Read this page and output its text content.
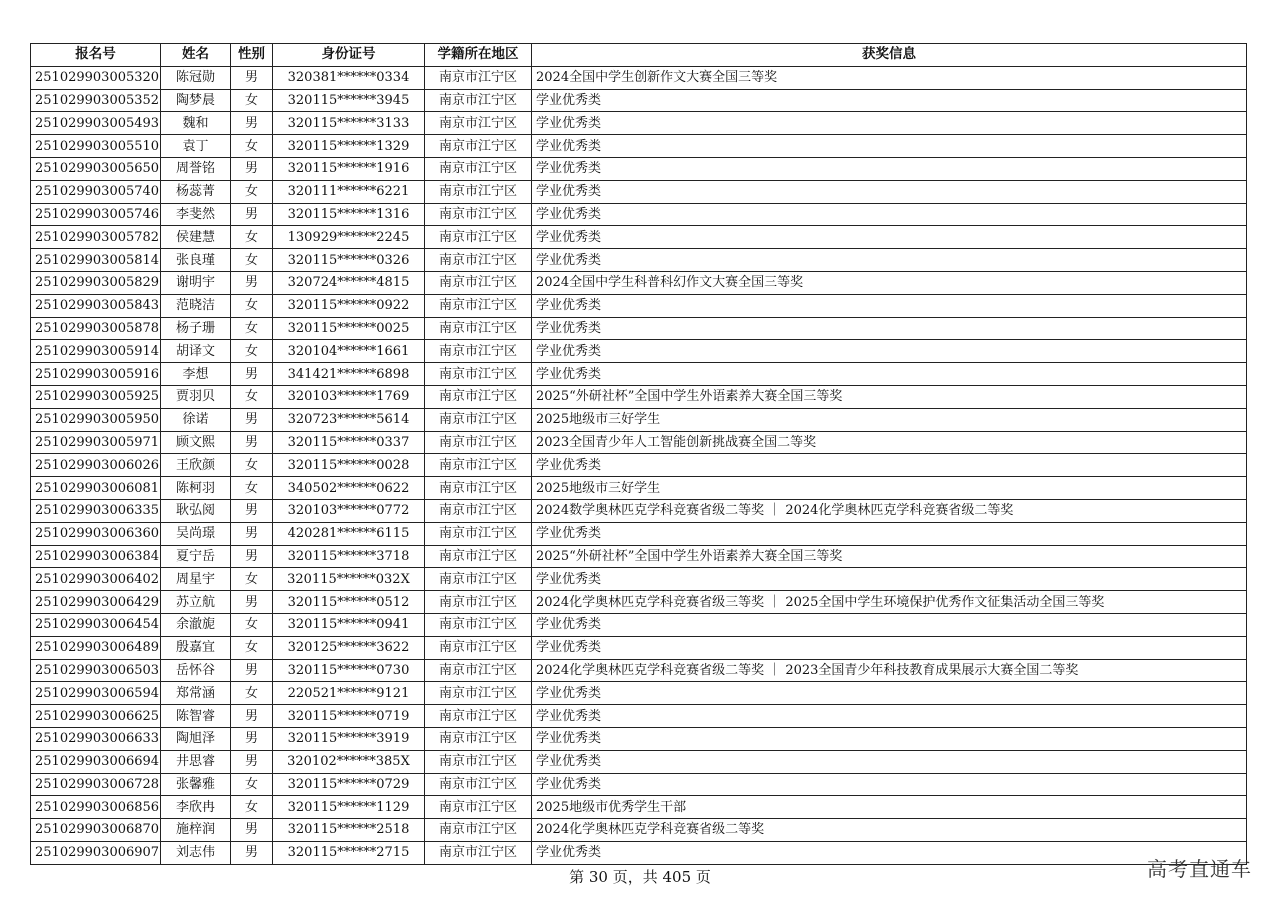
报名号	姓名	性别	身份证号	学籍所在地区	获奖信息
251029903005320	陈冠勋	男	320381******0334	南京市江宁区	2024全国中学生创新作文大赛全国三等奖
251029903005352	陶梦晨	女	320115******3945	南京市江宁区	学业优秀类
251029903005493	魏和	男	320115******3133	南京市江宁区	学业优秀类
251029903005510	袁丁	女	320115******1329	南京市江宁区	学业优秀类
251029903005650	周誉铭	男	320115******1916	南京市江宁区	学业优秀类
251029903005740	杨蕊菁	女	320111******6221	南京市江宁区	学业优秀类
251029903005746	李斐然	男	320115******1316	南京市江宁区	学业优秀类
251029903005782	侯建慧	女	130929******2245	南京市江宁区	学业优秀类
251029903005814	张良瑾	女	320115******0326	南京市江宁区	学业优秀类
251029903005829	谢明宇	男	320724******4815	南京市江宁区	2024全国中学生科普科幻作文大赛全国三等奖
251029903005843	范晓洁	女	320115******0922	南京市江宁区	学业优秀类
251029903005878	杨子珊	女	320115******0025	南京市江宁区	学业优秀类
251029903005914	胡译文	女	320104******1661	南京市江宁区	学业优秀类
251029903005916	李想	男	341421******6898	南京市江宁区	学业优秀类
251029903005925	贾羽贝	女	320103******1769	南京市江宁区	2025“外研社杯”全国中学生外语素养大赛全国三等奖
251029903005950	徐诺	男	320723******5614	南京市江宁区	2025地级市三好学生
251029903005971	顾文熙	男	320115******0337	南京市江宁区	2023全国青少年人工智能创新挑战赛全国二等奖
251029903006026	王欣颜	女	320115******0028	南京市江宁区	学业优秀类
251029903006081	陈柯羽	女	340502******0622	南京市江宁区	2025地级市三好学生
251029903006335	耿弘阅	男	320103******0772	南京市江宁区	2024数学奥林匹克学科竞赛省级二等奖 ｜ 2024化学奥林匹克学科竞赛省级二等奖
251029903006360	吴尚璟	男	420281******6115	南京市江宁区	学业优秀类
251029903006384	夏宁岳	男	320115******3718	南京市江宁区	2025“外研社杯”全国中学生外语素养大赛全国三等奖
251029903006402	周星宇	女	320115******032X	南京市江宁区	学业优秀类
251029903006429	苏立航	男	320115******0512	南京市江宁区	2024化学奥林匹克学科竞赛省级三等奖 ｜ 2025全国中学生环境保护优秀作文征集活动全国三等奖
251029903006454	余澈旎	女	320115******0941	南京市江宁区	学业优秀类
251029903006489	殷嘉宜	女	320125******3622	南京市江宁区	学业优秀类
251029903006503	岳怀谷	男	320115******0730	南京市江宁区	2024化学奥林匹克学科竞赛省级二等奖 ｜ 2023全国青少年科技教育成果展示大赛全国二等奖
251029903006594	郑常涵	女	220521******9121	南京市江宁区	学业优秀类
251029903006625	陈智睿	男	320115******0719	南京市江宁区	学业优秀类
251029903006633	陶旭泽	男	320115******3919	南京市江宁区	学业优秀类
251029903006694	井思睿	男	320102******385X	南京市江宁区	学业优秀类
251029903006728	张馨雅	女	320115******0729	南京市江宁区	学业优秀类
251029903006856	李欣冉	女	320115******1129	南京市江宁区	2025地级市优秀学生干部
251029903006870	施梓润	男	320115******2518	南京市江宁区	2024化学奥林匹克学科竞赛省级二等奖
251029903006907	刘志伟	男	320115******2715	南京市江宁区	学业优秀类
第 30 页，共 405 页	高考直通车
